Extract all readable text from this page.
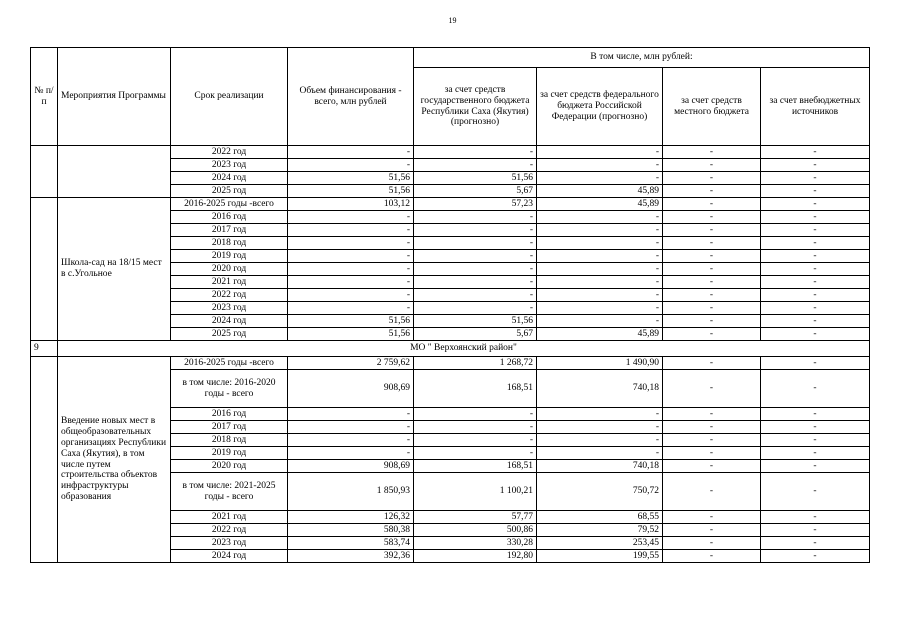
19
№ п/п	Мероприятия Программы	Срок реализации	Объем финансирования - всего, млн рублей	В том числе, млн рублей:			
				за счет средств государственного бюджета Республики Саха (Якутия) (прогнозно)	за счет средств федерального бюджета Российской Федерации (прогнозно)	за счет средств местного бюджета	за счет внебюджетных источников
		2022 год	-	-	-	-	-
		2023 год	-	-	-	-	-
		2024 год	51,56	51,56	-	-	-
		2025 год	51,56	5,67	45,89	-	-
	Школа-сад на 18/15 мест в с.Угольное	2016-2025 годы -всего	103,12	57,23	45,89	-	-
		2016 год	-	-	-	-	-
		2017 год	-	-	-	-	-
		2018 год	-	-	-	-	-
		2019 год	-	-	-	-	-
		2020 год	-	-	-	-	-
		2021 год	-	-	-	-	-
		2022 год	-	-	-	-	-
		2023 год	-	-	-	-	-
		2024 год	51,56	51,56	-	-	-
		2025 год	51,56	5,67	45,89	-	-
9	МО " Верхоянский район"						
	Введение новых мест в общеобразовательных организациях Республики Саха (Якутия), в том числе путем строительства объектов инфраструктуры образования	2016-2025 годы -всего	2 759,62	1 268,72	1 490,90	-	-
		в том числе: 2016-2020 годы - всего	908,69	168,51	740,18	-	-
		2016 год	-	-	-	-	-
		2017 год	-	-	-	-	-
		2018 год	-	-	-	-	-
		2019 год	-	-	-	-	-
		2020 год	908,69	168,51	740,18	-	-
		в том числе: 2021-2025 годы - всего	1 850,93	1 100,21	750,72	-	-
		2021 год	126,32	57,77	68,55	-	-
		2022 год	580,38	500,86	79,52	-	-
		2023 год	583,74	330,28	253,45	-	-
		2024 год	392,36	192,80	199,55	-	-
